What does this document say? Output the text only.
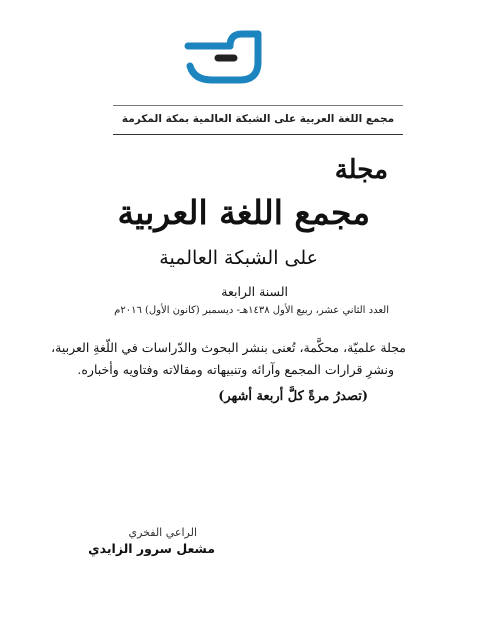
مجمع اللغة العربية على الشبكة العالمية بمكة المكرمة
مجلة
مجمع اللغة العربية
على الشبكة العالمية
السنة الرابعة
العدد الثاني عشر، ربيع الأول ١٤٣٨هـ- ديسمبر (كانون الأول) ٢٠١٦م
مجلة علميّة، محكَّمة، تُعنى بنشر البحوث والدّراسات في اللّغةِ العربية،
ونشرِ قرارات المجمع وآرائه وتنبيهاته ومقالاته وفتاويه وأخباره.
(تصدرُ مرةً كلَّ أربعة أشهر)
الراعي الفخري
مشعل سرور الزايدي
